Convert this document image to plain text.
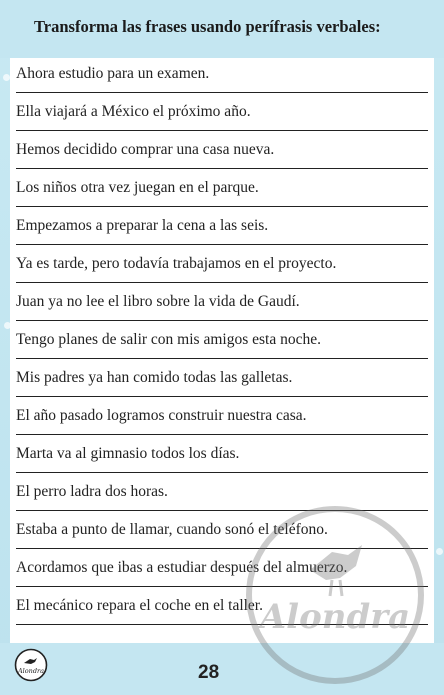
Transforma las frases usando perífrasis verbales:
Ahora estudio para un examen.
Ella viajará a México el próximo año.
Hemos decidido comprar una casa nueva.
Los niños otra vez juegan en el parque.
Empezamos a preparar la cena a las seis.
Ya es tarde, pero todavía trabajamos en el proyecto.
Juan ya no lee el libro sobre la vida de Gaudí.
Tengo planes de salir con mis amigos esta noche.
Mis padres ya han comido todas las galletas.
El año pasado logramos construir nuestra casa.
Marta va al gimnasio todos los días.
El perro ladra dos horas.
Estaba a punto de llamar, cuando sonó el teléfono.
Acordamos que ibas a estudiar después del almuerzo.
El mecánico repara el coche en el taller.
Alondra	28
Alondra
